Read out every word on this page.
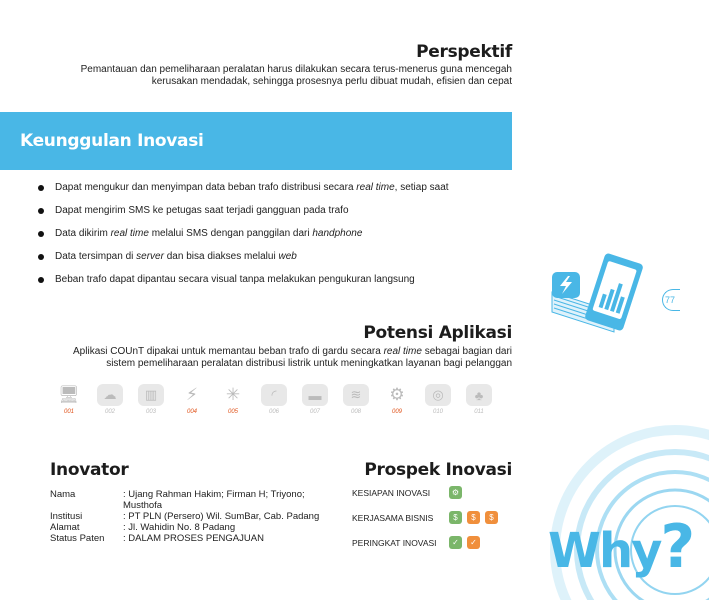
Perspektif
Pemantauan dan pemeliharaan peralatan harus dilakukan secara terus-menerus guna mencegah kerusakan mendadak, sehingga prosesnya perlu dibuat mudah, efisien dan cepat
Keunggulan Inovasi
Dapat mengukur dan menyimpan data beban trafo distribusi secara real time, setiap saat
Dapat mengirim SMS ke petugas saat terjadi gangguan pada trafo
Data dikirim real time melalui SMS dengan panggilan dari handphone
Data tersimpan di server dan bisa diakses melalui web
Beban trafo dapat dipantau secara visual tanpa melakukan pengukuran langsung
77
Potensi Aplikasi
Aplikasi COUnT dipakai untuk memantau beban trafo di gardu secara real time sebagai bagian dari sistem pemeliharaan peralatan distribusi listrik untuk meningkatkan layanan bagi pelanggan
🖥
001
☁
002
▥
003
⚡
004
✳
005
◜
006
▬
007
≋
008
⚙
009
◎
010
♣
011
Inovator
Nama	: Ujang Rahman Hakim; Firman H; Triyono; Musthofa
Institusi	: PT PLN (Persero) Wil. SumBar, Cab. Padang
Alamat	: Jl. Wahidin No. 8 Padang
Status Paten	: DALAM PROSES PENGAJUAN
Prospek Inovasi
KESIAPAN INOVASI	⚙
KERJASAMA BISNIS	$	$	$
PERINGKAT INOVASI	✓	✓ Why?
